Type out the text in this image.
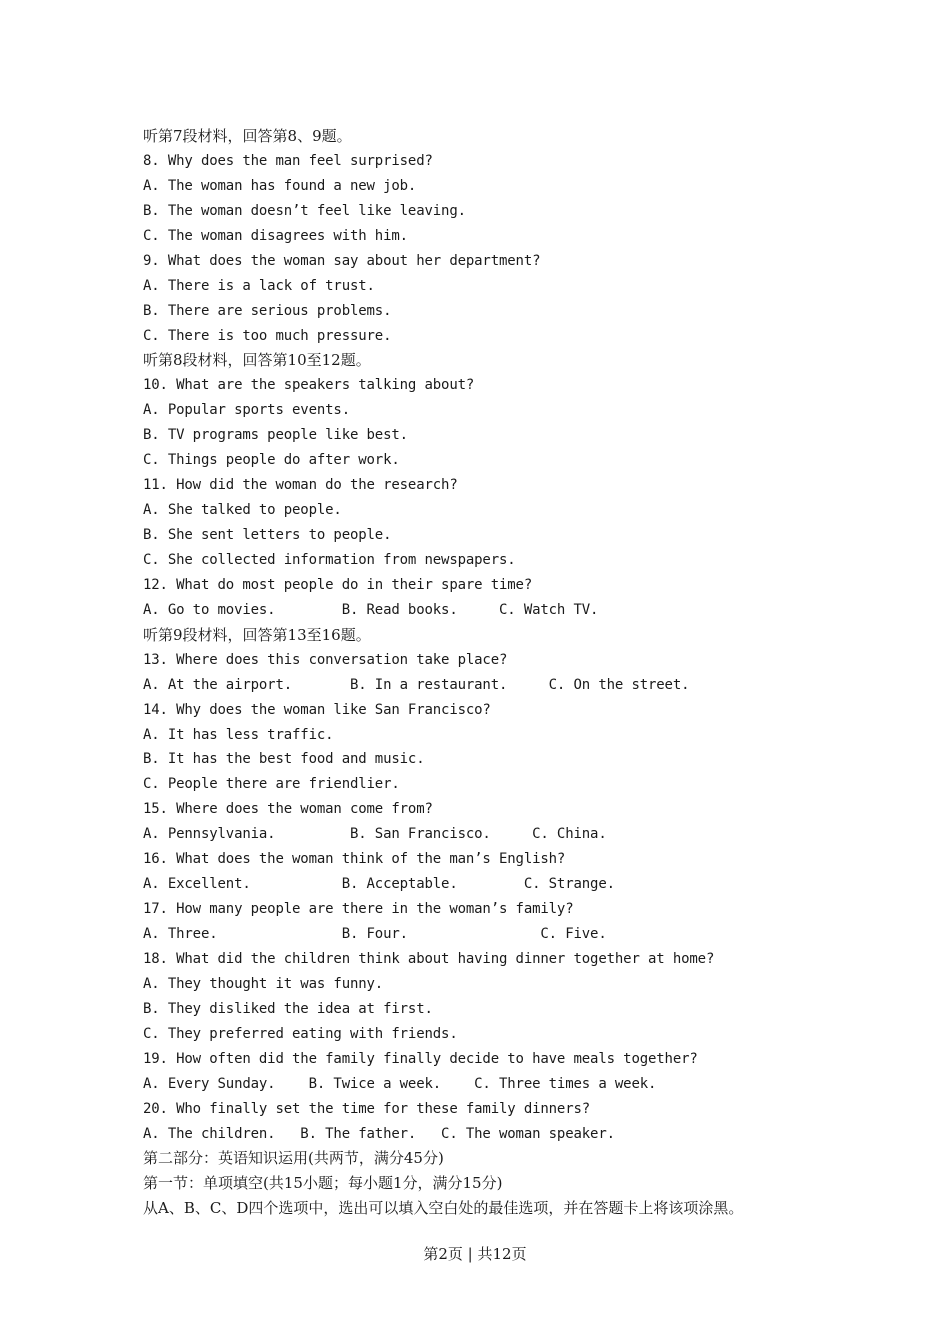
听第7段材料，回答第8、9题。
8. Why does the man feel surprised?
A. The woman has found a new job.
B. The woman doesn’t feel like leaving.
C. The woman disagrees with him.
9. What does the woman say about her department?
A. There is a lack of trust.
B. There are serious problems.
C. There is too much pressure.
听第8段材料，回答第10至12题。
10. What are the speakers talking about?
A. Popular sports events.
B. TV programs people like best.
C. Things people do after work.
11. How did the woman do the research?
A. She talked to people.
B. She sent letters to people.
C. She collected information from newspapers.
12. What do most people do in their spare time?
A. Go to movies.        B. Read books.     C. Watch TV.
听第9段材料，回答第13至16题。
13. Where does this conversation take place?
A. At the airport.       B. In a restaurant.     C. On the street.
14. Why does the woman like San Francisco?
A. It has less traffic.
B. It has the best food and music.
C. People there are friendlier.
15. Where does the woman come from?
A. Pennsylvania.         B. San Francisco.     C. China.
16. What does the woman think of the man’s English?
A. Excellent.           B. Acceptable.        C. Strange.
17. How many people are there in the woman’s family?
A. Three.               B. Four.                C. Five.
18. What did the children think about having dinner together at home?
A. They thought it was funny.
B. They disliked the idea at first.
C. They preferred eating with friends.
19. How often did the family finally decide to have meals together?
A. Every Sunday.    B. Twice a week.    C. Three times a week.
20. Who finally set the time for these family dinners?
A. The children.   B. The father.   C. The woman speaker.
第二部分：英语知识运用(共两节，满分45分)
第一节：单项填空(共15小题；每小题1分，满分15分)
从A、B、C、D四个选项中，选出可以填入空白处的最佳选项，并在答题卡上将该项涂黑。
第2页 | 共12页
